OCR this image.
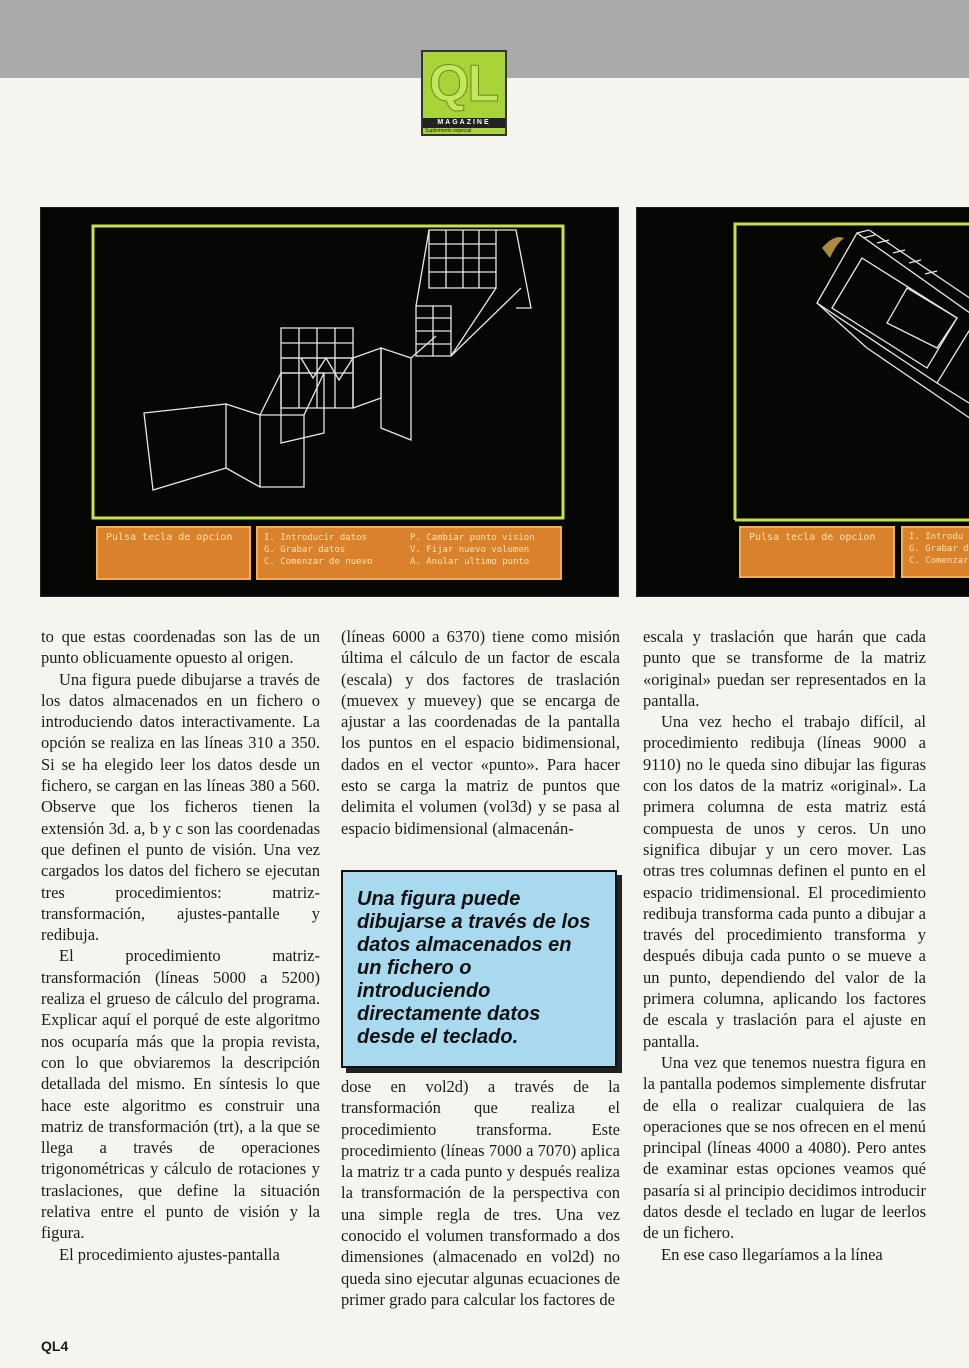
QL
MAGAZINE
Suplemento especial
Pulsa tecla de opcion	I. Introducir datos
G. Grabar datos
C. Comenzar de nuevo
P. Cambiar punto vision
V. Fijar nuevo volumen
A. Anular ultimo punto
Pulsa tecla de opcion	I. Introdu
G. Grabar d
C. Comenzar

to que estas coordenadas son las de un punto oblicuamente opuesto al origen.

Una figura puede dibujarse a través de los datos almacenados en un fichero o introduciendo datos interactivamente. La opción se realiza en las líneas 310 a 350. Si se ha elegido leer los datos desde un fichero, se cargan en las líneas 380 a 560. Observe que los ficheros tienen la extensión 3d. a, b y c son las coordenadas que definen el punto de visión. Una vez cargados los datos del fichero se ejecutan tres procedimientos: matriz-transformación, ajustes-pantalle y redibuja.

El procedimiento matriz-transformación (líneas 5000 a 5200) realiza el grueso de cálculo del programa. Explicar aquí el porqué de este algoritmo nos ocuparía más que la propia revista, con lo que obviaremos la descripción detallada del mismo. En síntesis lo que hace este algoritmo es construir una matriz de transformación (trt), a la que se llega a través de operaciones trigonométricas y cálculo de rotaciones y traslaciones, que define la situación relativa entre el punto de visión y la figura.

El procedimiento ajustes-pantalla

(líneas 6000 a 6370) tiene como misión última el cálculo de un factor de escala (escala) y dos factores de traslación (muevex y muevey) que se encarga de ajustar a las coordenadas de la pantalla los puntos en el espacio bidimensional, dados en el vector «punto». Para hacer esto se carga la matriz de puntos que delimita el volumen (vol3d) y se pasa al espacio bidimensional (almacenán-

Una figura puede dibujarse a través de los datos almacenados en un fichero o introduciendo directamente datos desde el teclado.

dose en vol2d) a través de la transformación que realiza el procedimiento transforma. Este procedimiento (líneas 7000 a 7070) aplica la matriz tr a cada punto y después realiza la transformación de la perspectiva con una simple regla de tres. Una vez conocido el volumen transformado a dos dimensiones (almacenado en vol2d) no queda sino ejecutar algunas ecuaciones de primer grado para calcular los factores de

escala y traslación que harán que cada punto que se transforme de la matriz «original» puedan ser representados en la pantalla.

Una vez hecho el trabajo difícil, al procedimiento redibuja (líneas 9000 a 9110) no le queda sino dibujar las figuras con los datos de la matriz «original». La primera columna de esta matriz está compuesta de unos y ceros. Un uno significa dibujar y un cero mover. Las otras tres columnas definen el punto en el espacio tridimensional. El procedimiento redibuja transforma cada punto a dibujar a través del procedimiento transforma y después dibuja cada punto o se mueve a un punto, dependiendo del valor de la primera columna, aplicando los factores de escala y traslación para el ajuste en pantalla.

Una vez que tenemos nuestra figura en la pantalla podemos simplemente disfrutar de ella o realizar cualquiera de las operaciones que se nos ofrecen en el menú principal (líneas 4000 a 4080). Pero antes de examinar estas opciones veamos qué pasaría si al principio decidimos introducir datos desde el teclado en lugar de leerlos de un fichero.

En ese caso llegaríamos a la línea

QL4
